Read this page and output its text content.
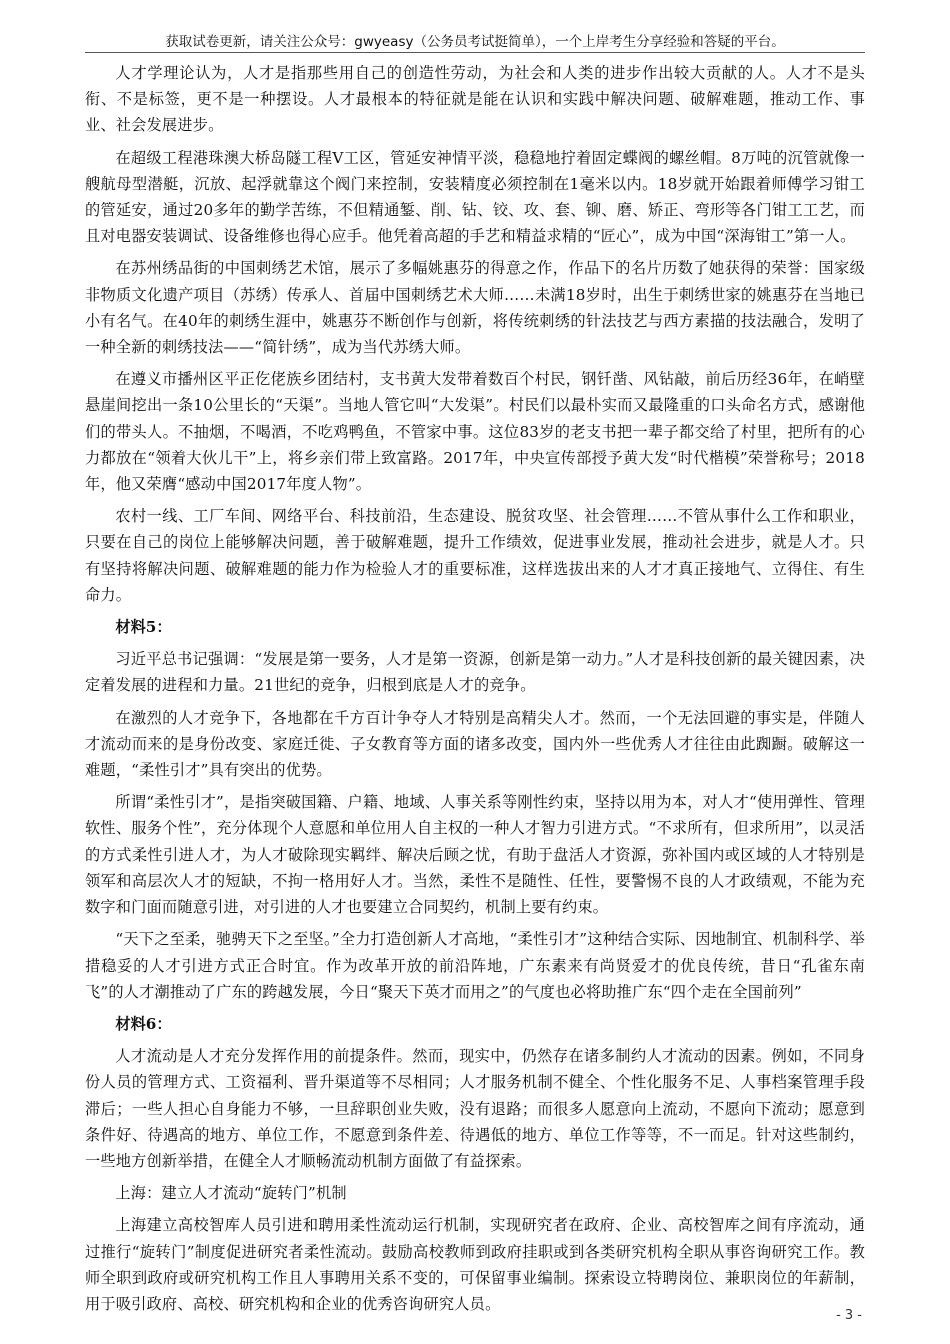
获取试卷更新，请关注公众号：gwyeasy（公务员考试挺简单），一个上岸考生分享经验和答疑的平台。

人才学理论认为，人才是指那些用自己的创造性劳动，为社会和人类的进步作出较大贡献的人。人才不是头衔、不是标签，更不是一种摆设。人才最根本的特征就是能在认识和实践中解决问题、破解难题，推动工作、事业、社会发展进步。

在超级工程港珠澳大桥岛隧工程V工区，管延安神情平淡，稳稳地拧着固定蝶阀的螺丝帽。8万吨的沉管就像一艘航母型潜艇，沉放、起浮就靠这个阀门来控制，安装精度必须控制在1毫米以内。18岁就开始跟着师傅学习钳工的管延安，通过20多年的勤学苦练，不但精通錾、削、钻、铰、攻、套、铆、磨、矫正、弯形等各门钳工工艺，而且对电器安装调试、设备维修也得心应手。他凭着高超的手艺和精益求精的“匠心”，成为中国“深海钳工”第一人。

在苏州绣品街的中国刺绣艺术馆，展示了多幅姚惠芬的得意之作，作品下的名片历数了她获得的荣誉：国家级非物质文化遗产项目（苏绣）传承人、首届中国刺绣艺术大师……未满18岁时，出生于刺绣世家的姚惠芬在当地已小有名气。在40年的刺绣生涯中，姚惠芬不断创作与创新，将传统刺绣的针法技艺与西方素描的技法融合，发明了一种全新的刺绣技法——“简针绣”，成为当代苏绣大师。

在遵义市播州区平正仡佬族乡团结村，支书黄大发带着数百个村民，钢钎凿、风钻敲，前后历经36年，在峭壁悬崖间挖出一条10公里长的“天渠”。当地人管它叫“大发渠”。村民们以最朴实而又最隆重的口头命名方式，感谢他们的带头人。不抽烟，不喝酒，不吃鸡鸭鱼，不管家中事。这位83岁的老支书把一辈子都交给了村里，把所有的心力都放在“领着大伙儿干”上，将乡亲们带上致富路。2017年，中央宣传部授予黄大发“时代楷模”荣誉称号；2018年，他又荣膺“感动中国2017年度人物”。

农村一线、工厂车间、网络平台、科技前沿，生态建设、脱贫攻坚、社会管理……不管从事什么工作和职业，只要在自己的岗位上能够解决问题，善于破解难题，提升工作绩效，促进事业发展，推动社会进步，就是人才。只有坚持将解决问题、破解难题的能力作为检验人才的重要标准，这样选拔出来的人才才真正接地气、立得住、有生命力。

材料5：

习近平总书记强调：“发展是第一要务，人才是第一资源，创新是第一动力。”人才是科技创新的最关键因素，决定着发展的进程和力量。21世纪的竞争，归根到底是人才的竞争。

在激烈的人才竞争下，各地都在千方百计争夺人才特别是高精尖人才。然而，一个无法回避的事实是，伴随人才流动而来的是身份改变、家庭迁徙、子女教育等方面的诸多改变，国内外一些优秀人才往往由此踟蹰。破解这一难题，“柔性引才”具有突出的优势。

所谓“柔性引才”，是指突破国籍、户籍、地域、人事关系等刚性约束，坚持以用为本，对人才“使用弹性、管理软性、服务个性”，充分体现个人意愿和单位用人自主权的一种人才智力引进方式。“不求所有，但求所用”，以灵活的方式柔性引进人才，为人才破除现实羁绊、解决后顾之忧，有助于盘活人才资源，弥补国内或区域的人才特别是领军和高层次人才的短缺，不拘一格用好人才。当然，柔性不是随性、任性，要警惕不良的人才政绩观，不能为充数字和门面而随意引进，对引进的人才也要建立合同契约，机制上要有约束。

“天下之至柔，驰骋天下之至坚。”全力打造创新人才高地，“柔性引才”这种结合实际、因地制宜、机制科学、举措稳妥的人才引进方式正合时宜。作为改革开放的前沿阵地，广东素来有尚贤爱才的优良传统，昔日“孔雀东南飞”的人才潮推动了广东的跨越发展，今日“聚天下英才而用之”的气度也必将助推广东“四个走在全国前列”

材料6：

人才流动是人才充分发挥作用的前提条件。然而，现实中，仍然存在诸多制约人才流动的因素。例如，不同身份人员的管理方式、工资福利、晋升渠道等不尽相同；人才服务机制不健全、个性化服务不足、人事档案管理手段滞后；一些人担心自身能力不够，一旦辞职创业失败，没有退路；而很多人愿意向上流动，不愿向下流动；愿意到条件好、待遇高的地方、单位工作，不愿意到条件差、待遇低的地方、单位工作等等，不一而足。针对这些制约，一些地方创新举措，在健全人才顺畅流动机制方面做了有益探索。

上海：建立人才流动“旋转门”机制

上海建立高校智库人员引进和聘用柔性流动运行机制，实现研究者在政府、企业、高校智库之间有序流动，通过推行“旋转门”制度促进研究者柔性流动。鼓励高校教师到政府挂职或到各类研究机构全职从事咨询研究工作。教师全职到政府或研究机构工作且人事聘用关系不变的，可保留事业编制。探索设立特聘岗位、兼职岗位的年薪制，用于吸引政府、高校、研究机构和企业的优秀咨询研究人员。

- 3 -
